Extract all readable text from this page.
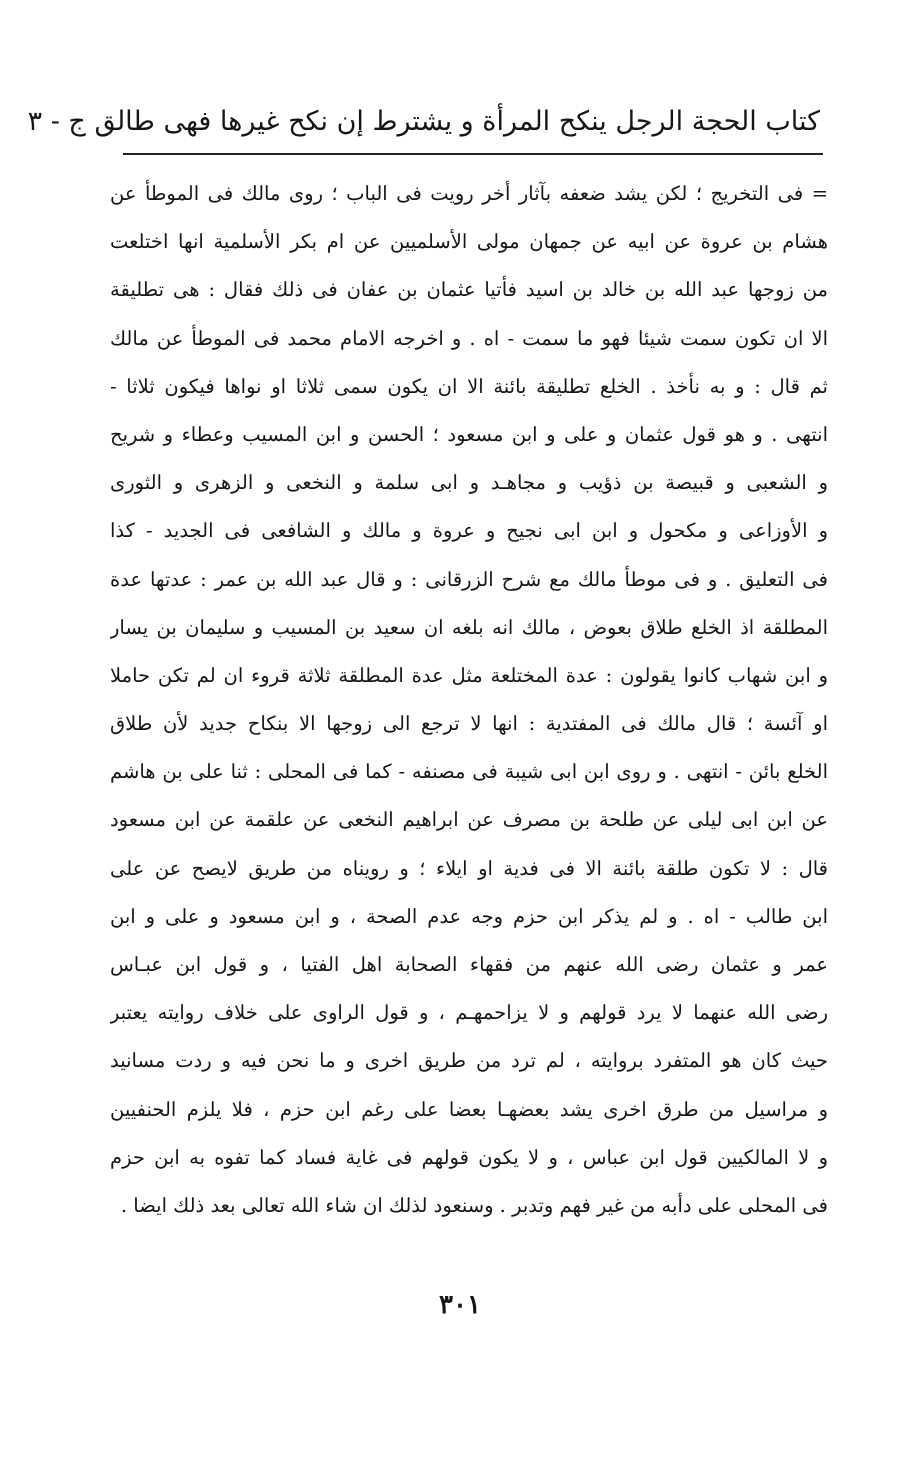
كتاب الحجة الرجل ينكح المرأة و يشترط إن نكح غيرها فهى طالق ج - ٣
= فى التخريج ؛ لكن يشد ضعفه بآثار أخر رويت فى الباب ؛ روى مالك فى الموطأ عن
هشام بن عروة عن ابيه عن جمهان مولى الأسلميين عن ام بكر الأسلمية انها اختلعت
من زوجها عبد الله بن خالد بن اسيد فأتيا عثمان بن عفان فى ذلك فقال : هى تطليقة
الا ان تكون سمت شيئا فهو ما سمت - اه . و اخرجه الامام محمد فى الموطأ عن مالك
ثم قال : و به نأخذ . الخلع تطليقة بائنة الا ان يكون سمى ثلاثا او نواها فيكون ثلاثا -
انتهى . و هو قول عثمان و على و ابن مسعود ؛ الحسن و ابن المسيب وعطاء و شريح
و الشعبى و قبيصة بن ذؤيب و مجاهـد و ابى سلمة و النخعى و الزهرى و الثورى
و الأوزاعى و مكحول و ابن ابى نجيح و عروة و مالك و الشافعى فى الجديد - كذا
فى التعليق . و فى موطأ مالك مع شرح الزرقانى : و قال عبد الله بن عمر : عدتها عدة
المطلقة اذ الخلع طلاق بعوض ، مالك انه بلغه ان سعيد بن المسيب و سليمان بن يسار
و ابن شهاب كانوا يقولون : عدة المختلعة مثل عدة المطلقة ثلاثة قروء ان لم تكن حاملا
او آئسة ؛ قال مالك فى المفتدية : انها لا ترجع الى زوجها الا بنكاح جديد لأن طلاق
الخلع بائن - انتهى . و روى ابن ابى شيبة فى مصنفه - كما فى المحلى : ثنا على بن هاشم
عن ابن ابى ليلى عن طلحة بن مصرف عن ابراهيم النخعى عن علقمة عن ابن مسعود
قال : لا تكون طلقة بائنة الا فى فدية او ايلاء ؛ و رويناه من طريق لايصح عن على
ابن طالب - اه . و لم يذكر ابن حزم وجه عدم الصحة ، و ابن مسعود و على و ابن
عمر و عثمان رضى الله عنهم من فقهاء الصحابة اهل الفتيا ، و قول ابن عبـاس
رضى الله عنهما لا يرد قولهم و لا يزاحمهـم ، و قول الراوى على خلاف روايته يعتبر
حيث كان هو المتفرد بروايته ، لم ترد من طريق اخرى و ما نحن فيه و ردت مسانيد
و مراسيل من طرق اخرى يشد بعضهـا بعضا على رغم ابن حزم ، فلا يلزم الحنفيين
و لا المالكيين قول ابن عباس ، و لا يكون قولهم فى غاية فساد كما تفوه به ابن حزم
فى المحلى على دأبه من غير فهم وتدبر . وسنعود لذلك ان شاء الله تعالى بعد ذلك ايضا .
٣٠١
